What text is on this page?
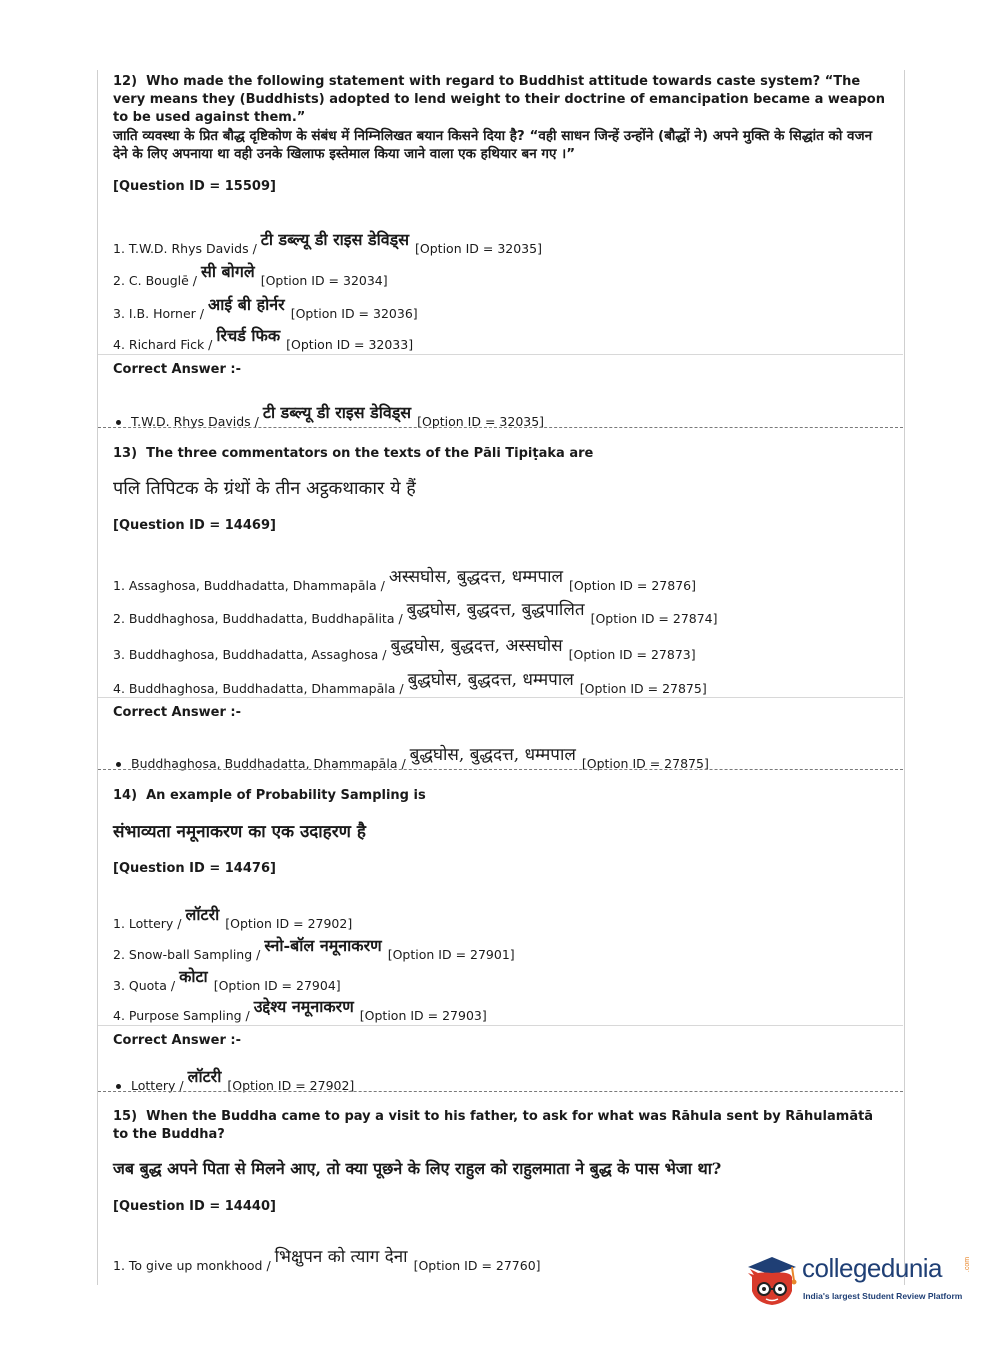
12) Who made the following statement with regard to Buddhist attitude towards caste system? “The very means they (Buddhists) adopted to lend weight to their doctrine of emancipation became a weapon to be used against them.”
जाति व्यवस्था के प्रित बौद्ध दृष्टिकोण के संबंध में निम्निलिखत बयान किसने दिया है? “वही साधन जिन्हें उन्होंने (बौद्धों ने) अपने मुक्ति के सिद्धांत को वजन देने के लिए अपनाया था वही उनके खिलाफ इस्तेमाल किया जाने वाला एक हथियार बन गए ।”
[Question ID = 15509]
1. T.W.D. Rhys Davids / टी डब्ल्यू डी राइस डेविड्स [Option ID = 32035]
2. C. Bouglē / सी बोगले [Option ID = 32034]
3. I.B. Horner / आई बी होर्नर [Option ID = 32036]
4. Richard Fick / रिचर्ड फिक [Option ID = 32033]
Correct Answer :-
T.W.D. Rhys Davids / टी डब्ल्यू डी राइस डेविड्स [Option ID = 32035]
13) The three commentators on the texts of the Pāli Tipiṭaka are
पलि तिपिटक के ग्रंथों के तीन अट्ठकथाकार ये हैं
[Question ID = 14469]
1. Assaghosa, Buddhadatta, Dhammapāla / अस्सघोस, बुद्धदत्त, धम्मपाल [Option ID = 27876]
2. Buddhaghosa, Buddhadatta, Buddhapālita / बुद्धघोस, बुद्धदत्त, बुद्धपालित [Option ID = 27874]
3. Buddhaghosa, Buddhadatta, Assaghosa / बुद्धघोस, बुद्धदत्त, अस्सघोस [Option ID = 27873]
4. Buddhaghosa, Buddhadatta, Dhammapāla / बुद्धघोस, बुद्धदत्त, धम्मपाल [Option ID = 27875]
Correct Answer :-
Buddhaghosa, Buddhadatta, Dhammapāla / बुद्धघोस, बुद्धदत्त, धम्मपाल [Option ID = 27875]
14) An example of Probability Sampling is
संभाव्यता नमूनाकरण का एक उदाहरण है
[Question ID = 14476]
1. Lottery / लॉटरी [Option ID = 27902]
2. Snow-ball Sampling / स्नो-बॉल नमूनाकरण [Option ID = 27901]
3. Quota / कोटा [Option ID = 27904]
4. Purpose Sampling / उद्देश्य नमूनाकरण [Option ID = 27903]
Correct Answer :-
Lottery / लॉटरी [Option ID = 27902]
15) When the Buddha came to pay a visit to his father, to ask for what was Rāhula sent by Rāhulamātā to the Buddha?
जब बुद्ध अपने पिता से मिलने आए, तो क्या पूछने के लिए राहुल को राहुलमाता ने बुद्ध के पास भेजा था?
[Question ID = 14440]
1. To give up monkhood / भिक्षुपन को त्याग देना [Option ID = 27760]	collegedunia	.com
India's largest Student Review Platform
